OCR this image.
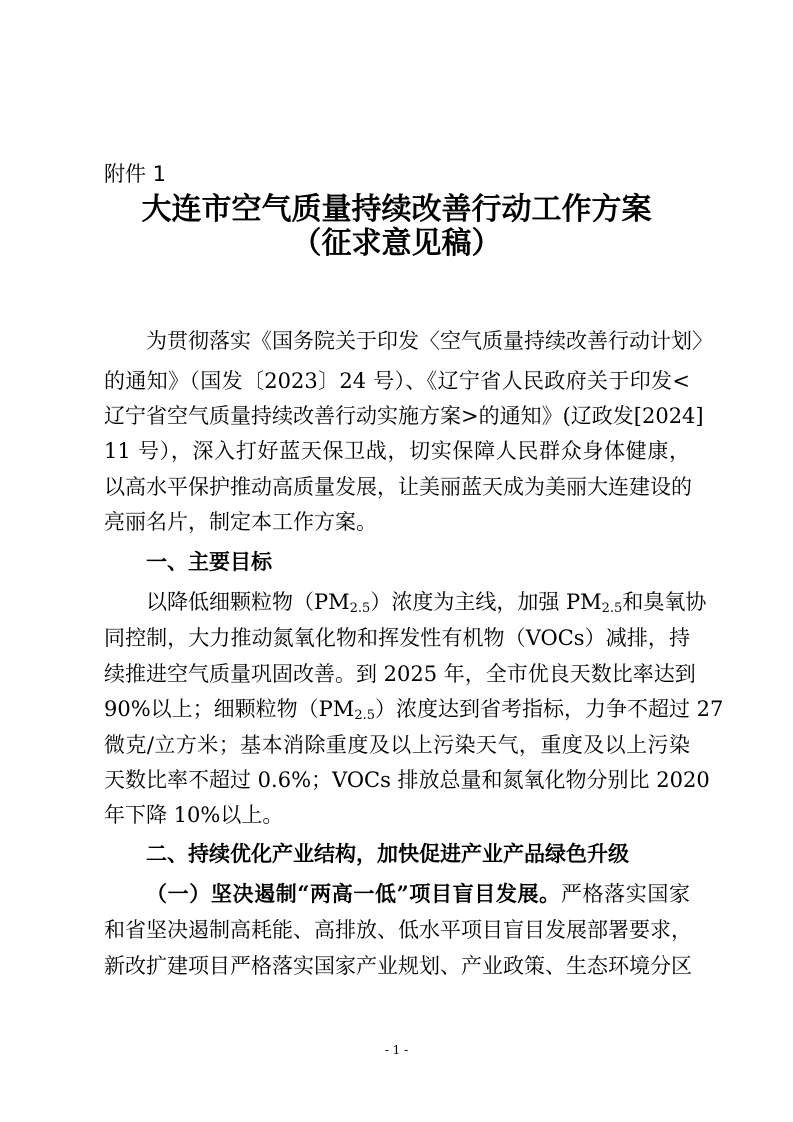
附件 1
大连市空气质量持续改善行动工作方案
（征求意见稿）
为贯彻落实《国务院关于印发〈空气质量持续改善行动计划〉
的通知》（国发〔2023〕24 号）、《辽宁省人民政府关于印发<
辽宁省空气质量持续改善行动实施方案>的通知》(辽政发[2024]
11 号），深入打好蓝天保卫战，切实保障人民群众身体健康，
以高水平保护推动高质量发展，让美丽蓝天成为美丽大连建设的
亮丽名片，制定本工作方案。
一、主要目标
以降低细颗粒物$(PM_{2.5})$浓度为主线，加强 $PM_{2.5}$和臭氧协
同控制，大力推动氮氧化物和挥发性有机物（VOCs）减排，持
续推进空气质量巩固改善。到 2025 年，全市优良天数比率达到
90%以上；细颗粒物$(PM_{2.5})$浓度达到省考指标，力争不超过 27
微克/立方米；基本消除重度及以上污染天气，重度及以上污染
天数比率不超过 0.6%；VOCs 排放总量和氮氧化物分别比 2020
年下降 10%以上。
二、持续优化产业结构，加快促进产业产品绿色升级
（一）坚决遏制“两高一低”项目盲目发展。严格落实国家
和省坚决遏制高耗能、高排放、低水平项目盲目发展部署要求，
新改扩建项目严格落实国家产业规划、产业政策、生态环境分区
- 1 -
